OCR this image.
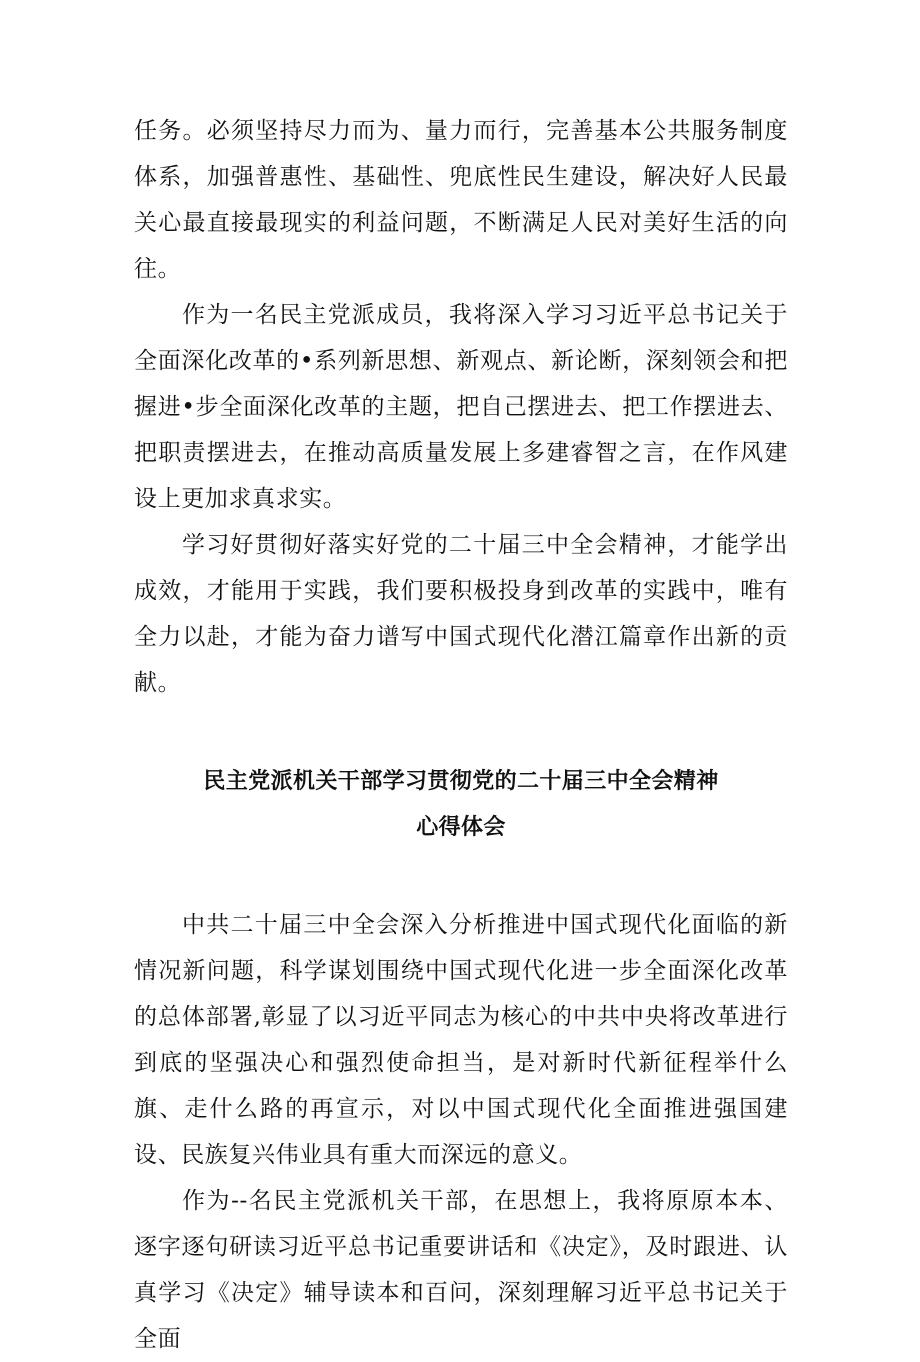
任务。必须坚持尽力而为、量力而行，完善基本公共服务制度体系，加强普惠性、基础性、兜底性民生建设，解决好人民最关心最直接最现实的利益问题，不断满足人民对美好生活的向往。

作为一名民主党派成员，我将深入学习习近平总书记关于全面深化改革的•系列新思想、新观点、新论断，深刻领会和把握进•步全面深化改革的主题，把自己摆进去、把工作摆进去、把职责摆进去，在推动高质量发展上多建睿智之言，在作风建设上更加求真求实。

学习好贯彻好落实好党的二十届三中全会精神，才能学出成效，才能用于实践，我们要积极投身到改革的实践中，唯有全力以赴，才能为奋力谱写中国式现代化潜江篇章作出新的贡献。

民主党派机关干部学习贯彻党的二十届三中全会精神
心得体会

中共二十届三中全会深入分析推进中国式现代化面临的新情况新问题，科学谋划围绕中国式现代化进一步全面深化改革的总体部署,彰显了以习近平同志为核心的中共中央将改革进行到底的坚强决心和强烈使命担当，是对新时代新征程举什么旗、走什么路的再宣示，对以中国式现代化全面推进强国建设、民族复兴伟业具有重大而深远的意义。

作为--名民主党派机关干部，在思想上，我将原原本本、逐字逐句研读习近平总书记重要讲话和《决定》，及时跟进、认真学习《决定》辅导读本和百问，深刻理解习近平总书记关于全面
